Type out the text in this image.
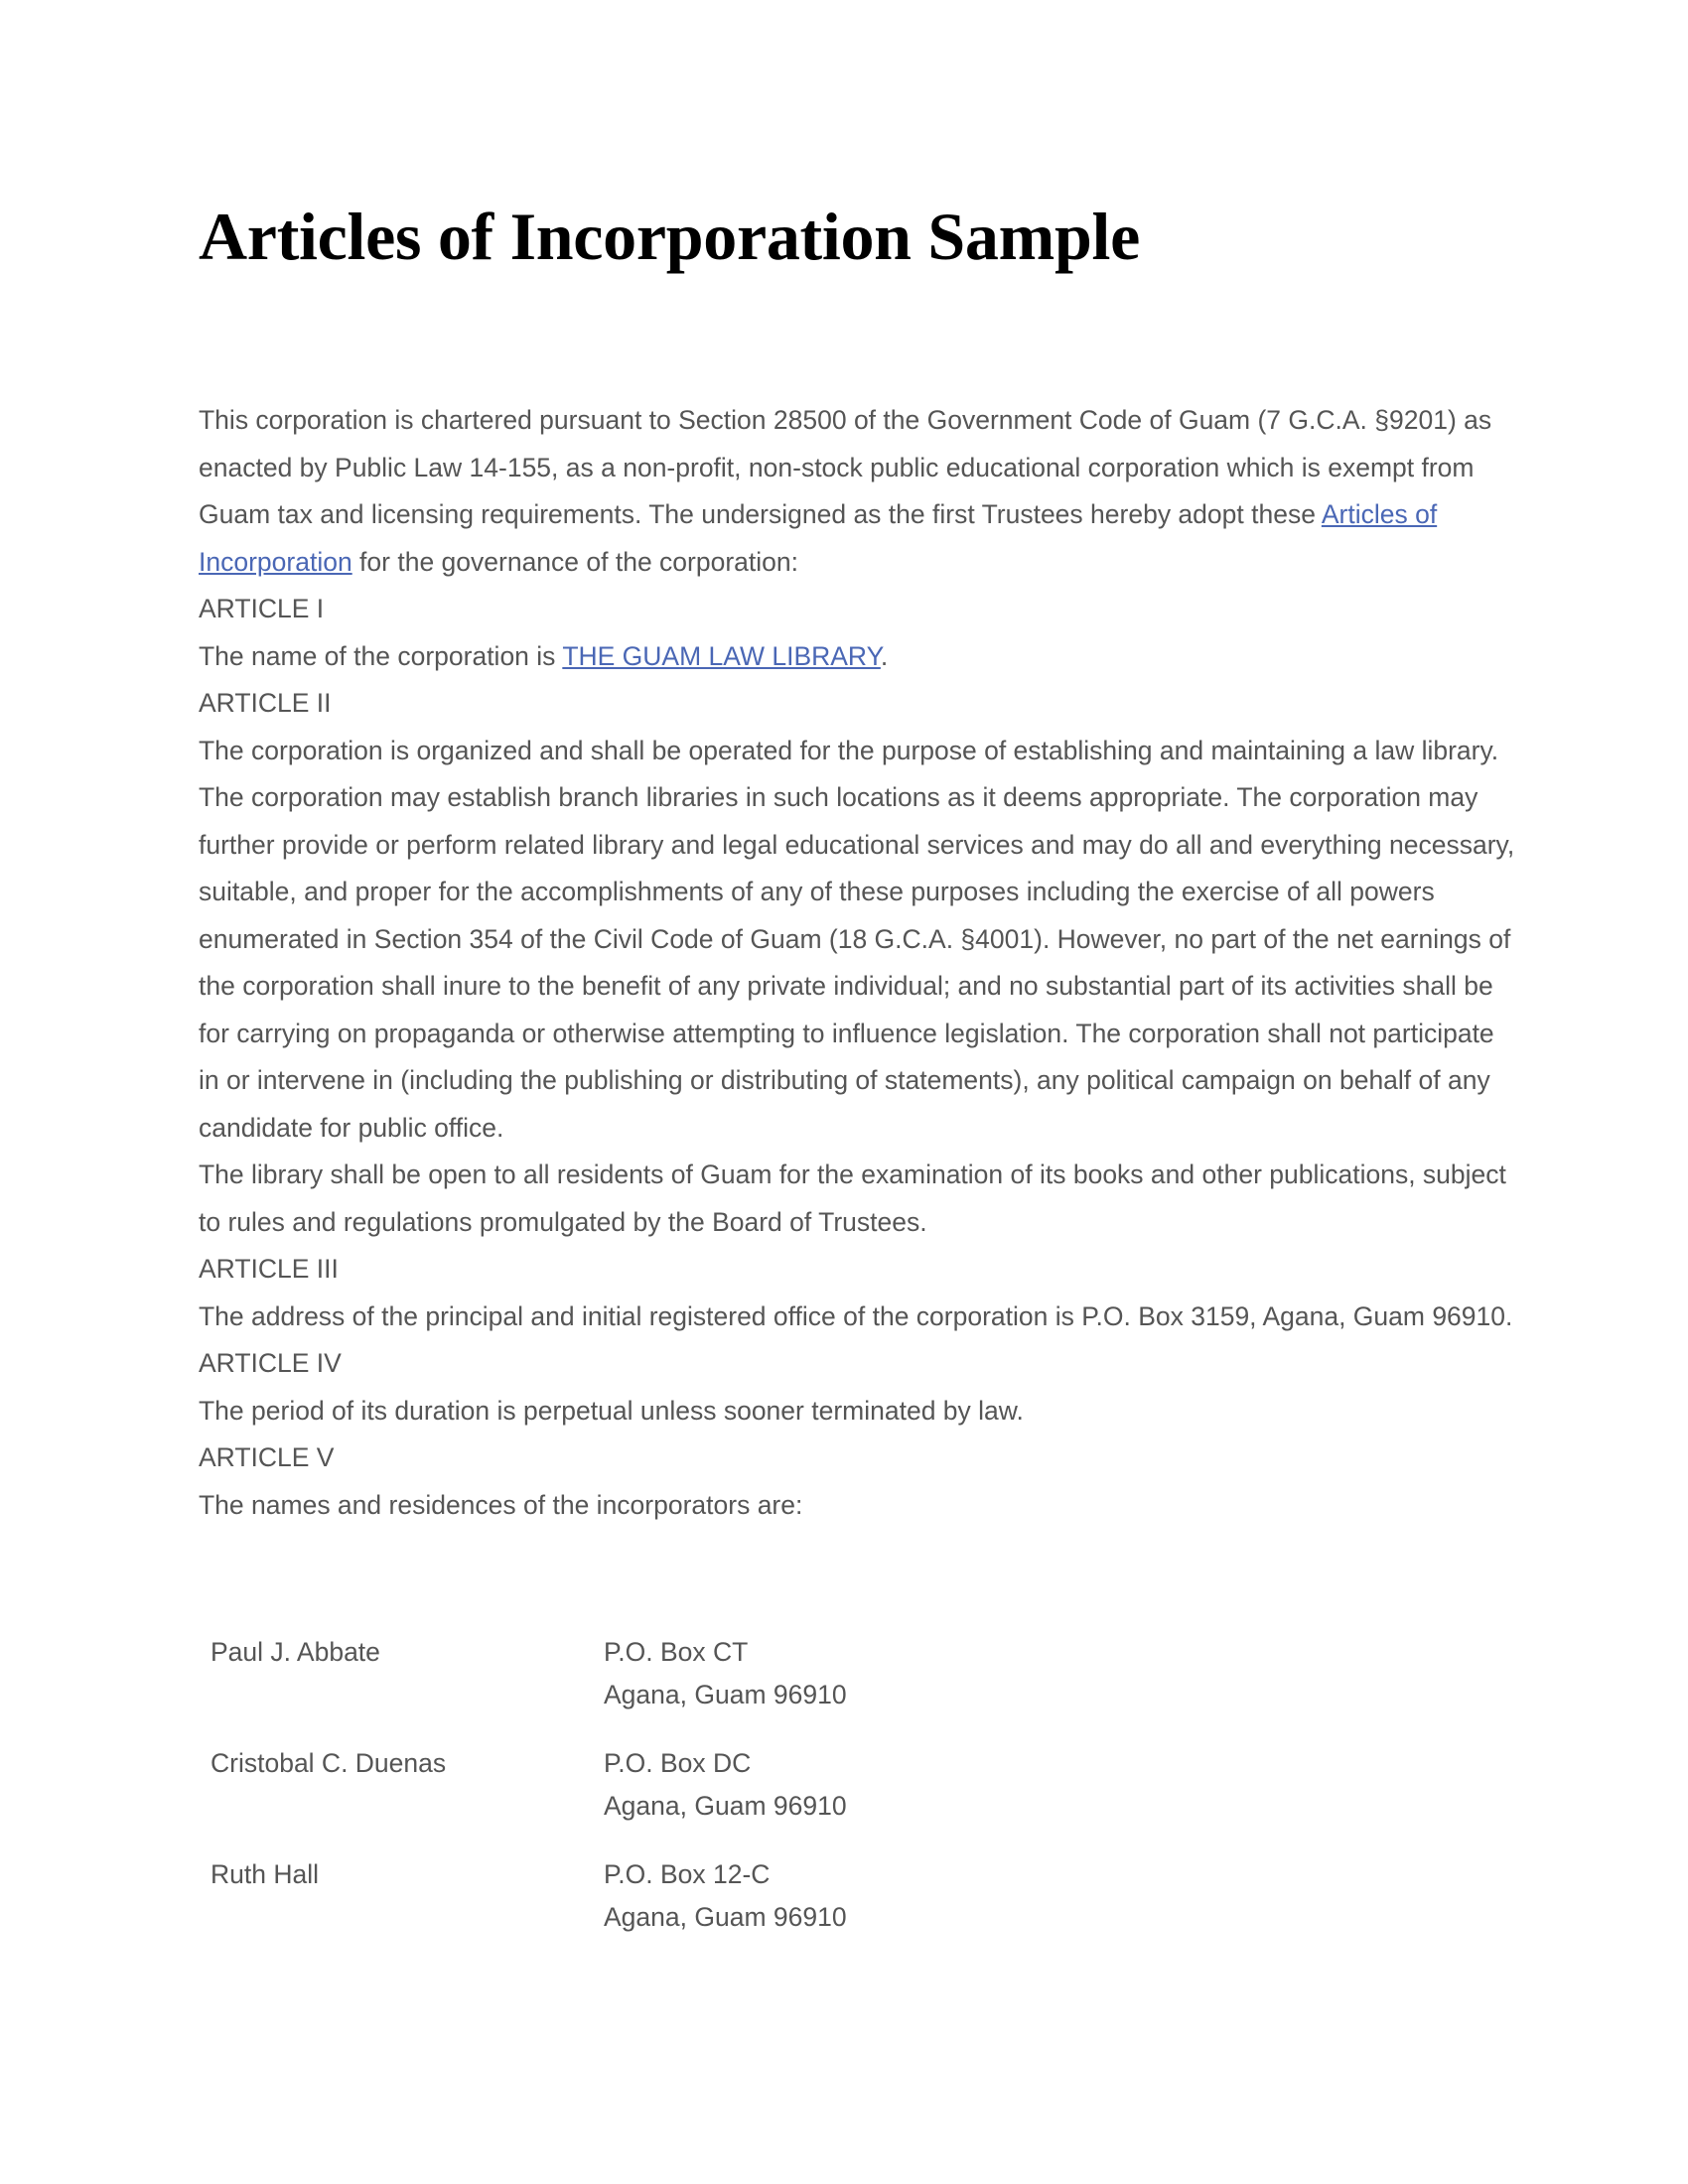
Articles of Incorporation Sample

This corporation is chartered pursuant to Section 28500 of the Government Code of Guam (7 G.C.A. §9201) as enacted by Public Law 14-155, as a non-profit, non-stock public educational corporation which is exempt from Guam tax and licensing requirements. The undersigned as the first Trustees hereby adopt these Articles of Incorporation for the governance of the corporation:

ARTICLE I

The name of the corporation is THE GUAM LAW LIBRARY.

ARTICLE II

The corporation is organized and shall be operated for the purpose of establishing and maintaining a law library. The corporation may establish branch libraries in such locations as it deems appropriate. The corporation may further provide or perform related library and legal educational services and may do all and everything necessary, suitable, and proper for the accomplishments of any of these purposes including the exercise of all powers enumerated in Section 354 of the Civil Code of Guam (18 G.C.A. §4001). However, no part of the net earnings of the corporation shall inure to the benefit of any private individual; and no substantial part of its activities shall be for carrying on propaganda or otherwise attempting to influence legislation. The corporation shall not participate in or intervene in (including the publishing or distributing of statements), any political campaign on behalf of any candidate for public office.

The library shall be open to all residents of Guam for the examination of its books and other publications, subject to rules and regulations promulgated by the Board of Trustees.

ARTICLE III

The address of the principal and initial registered office of the corporation is P.O. Box 3159, Agana, Guam 96910.

ARTICLE IV

The period of its duration is perpetual unless sooner terminated by law.

ARTICLE V

The names and residences of the incorporators are:

Paul J. Abbate	P.O. Box CT
Agana, Guam 96910
Cristobal C. Duenas	P.O. Box DC
Agana, Guam 96910
Ruth Hall	P.O. Box 12-C
Agana, Guam 96910
